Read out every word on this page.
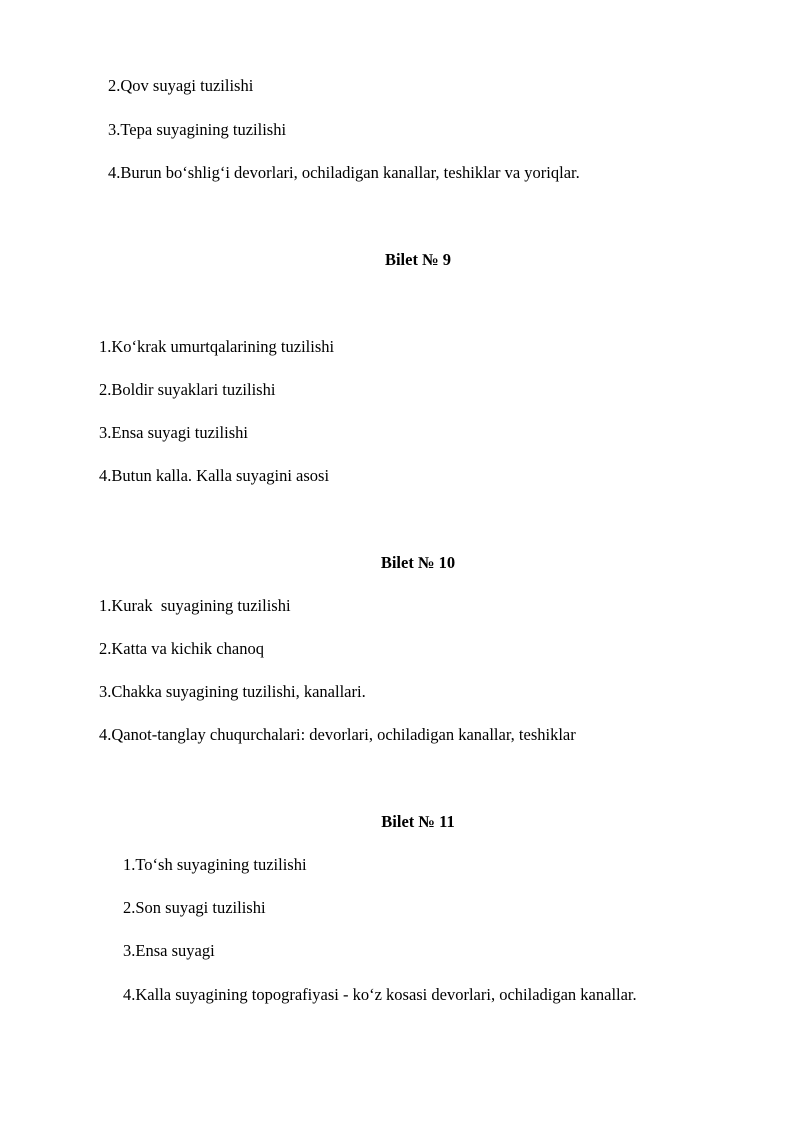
2.Qov suyagi tuzilishi
3.Tepa suyagining tuzilishi
4.Burun bo‘shlig‘i devorlari, ochiladigan kanallar, teshiklar va yoriqlar.
Bilet № 9
1.Ko‘krak umurtqalarining tuzilishi
2.Boldir suyaklari tuzilishi
3.Ensa suyagi tuzilishi
4.Butun kalla. Kalla suyagini asosi
Bilet № 10
1.Kurak  suyagining tuzilishi
2.Katta va kichik chanoq
3.Chakka suyagining tuzilishi, kanallari.
4.Qanot-tanglay chuqurchalari: devorlari, ochiladigan kanallar, teshiklar
Bilet № 11
1.To‘sh suyagining tuzilishi
2.Son suyagi tuzilishi
3.Ensa suyagi
4.Kalla suyagining topografiyasi - ko‘z kosasi devorlari, ochiladigan kanallar.
